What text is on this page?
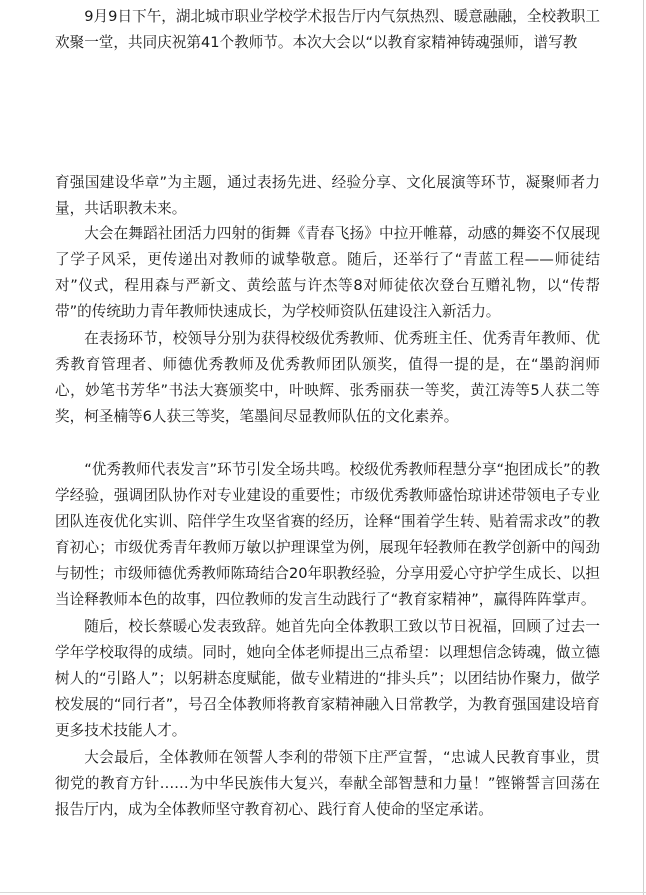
9月9日下午，湖北城市职业学校学术报告厅内气氛热烈、暖意融融，全校教职工欢聚一堂，共同庆祝第41个教师节。本次大会以“以教育家精神铸魂强师，谱写教

育强国建设华章”为主题，通过表扬先进、经验分享、文化展演等环节，凝聚师者力量，共话职教未来。

大会在舞蹈社团活力四射的街舞《青春飞扬》中拉开帷幕，动感的舞姿不仅展现了学子风采，更传递出对教师的诚挚敬意。随后，还举行了“青蓝工程——师徒结对”仪式，程用森与严新文、黄绘蓝与许杰等8对师徒依次登台互赠礼物，以“传帮带”的传统助力青年教师快速成长，为学校师资队伍建设注入新活力。

在表扬环节，校领导分别为获得校级优秀教师、优秀班主任、优秀青年教师、优秀教育管理者、师德优秀教师及优秀教师团队颁奖，值得一提的是，在“墨韵润师心，妙笔书芳华”书法大赛颁奖中，叶映辉、张秀丽获一等奖，黄江涛等5人获二等奖，柯圣楠等6人获三等奖，笔墨间尽显教师队伍的文化素养。

“优秀教师代表发言”环节引发全场共鸣。校级优秀教师程慧分享“抱团成长”的教学经验，强调团队协作对专业建设的重要性；市级优秀教师盛怡琼讲述带领电子专业团队连夜优化实训、陪伴学生攻坚省赛的经历，诠释“围着学生转、贴着需求改”的教育初心；市级优秀青年教师万敏以护理课堂为例，展现年轻教师在教学创新中的闯劲与韧性；市级师德优秀教师陈琦结合20年职教经验，分享用爱心守护学生成长、以担当诠释教师本色的故事，四位教师的发言生动践行了“教育家精神”，赢得阵阵掌声。

随后，校长蔡暖心发表致辞。她首先向全体教职工致以节日祝福，回顾了过去一学年学校取得的成绩。同时，她向全体老师提出三点希望：以理想信念铸魂，做立德树人的“引路人”；以躬耕态度赋能，做专业精进的“排头兵”；以团结协作聚力，做学校发展的“同行者”，号召全体教师将教育家精神融入日常教学，为教育强国建设培育更多技术技能人才。

大会最后，全体教师在领誓人李利的带领下庄严宣誓，“忠诚人民教育事业，贯彻党的教育方针……为中华民族伟大复兴，奉献全部智慧和力量！”铿锵誓言回荡在报告厅内，成为全体教师坚守教育初心、践行育人使命的坚定承诺。
